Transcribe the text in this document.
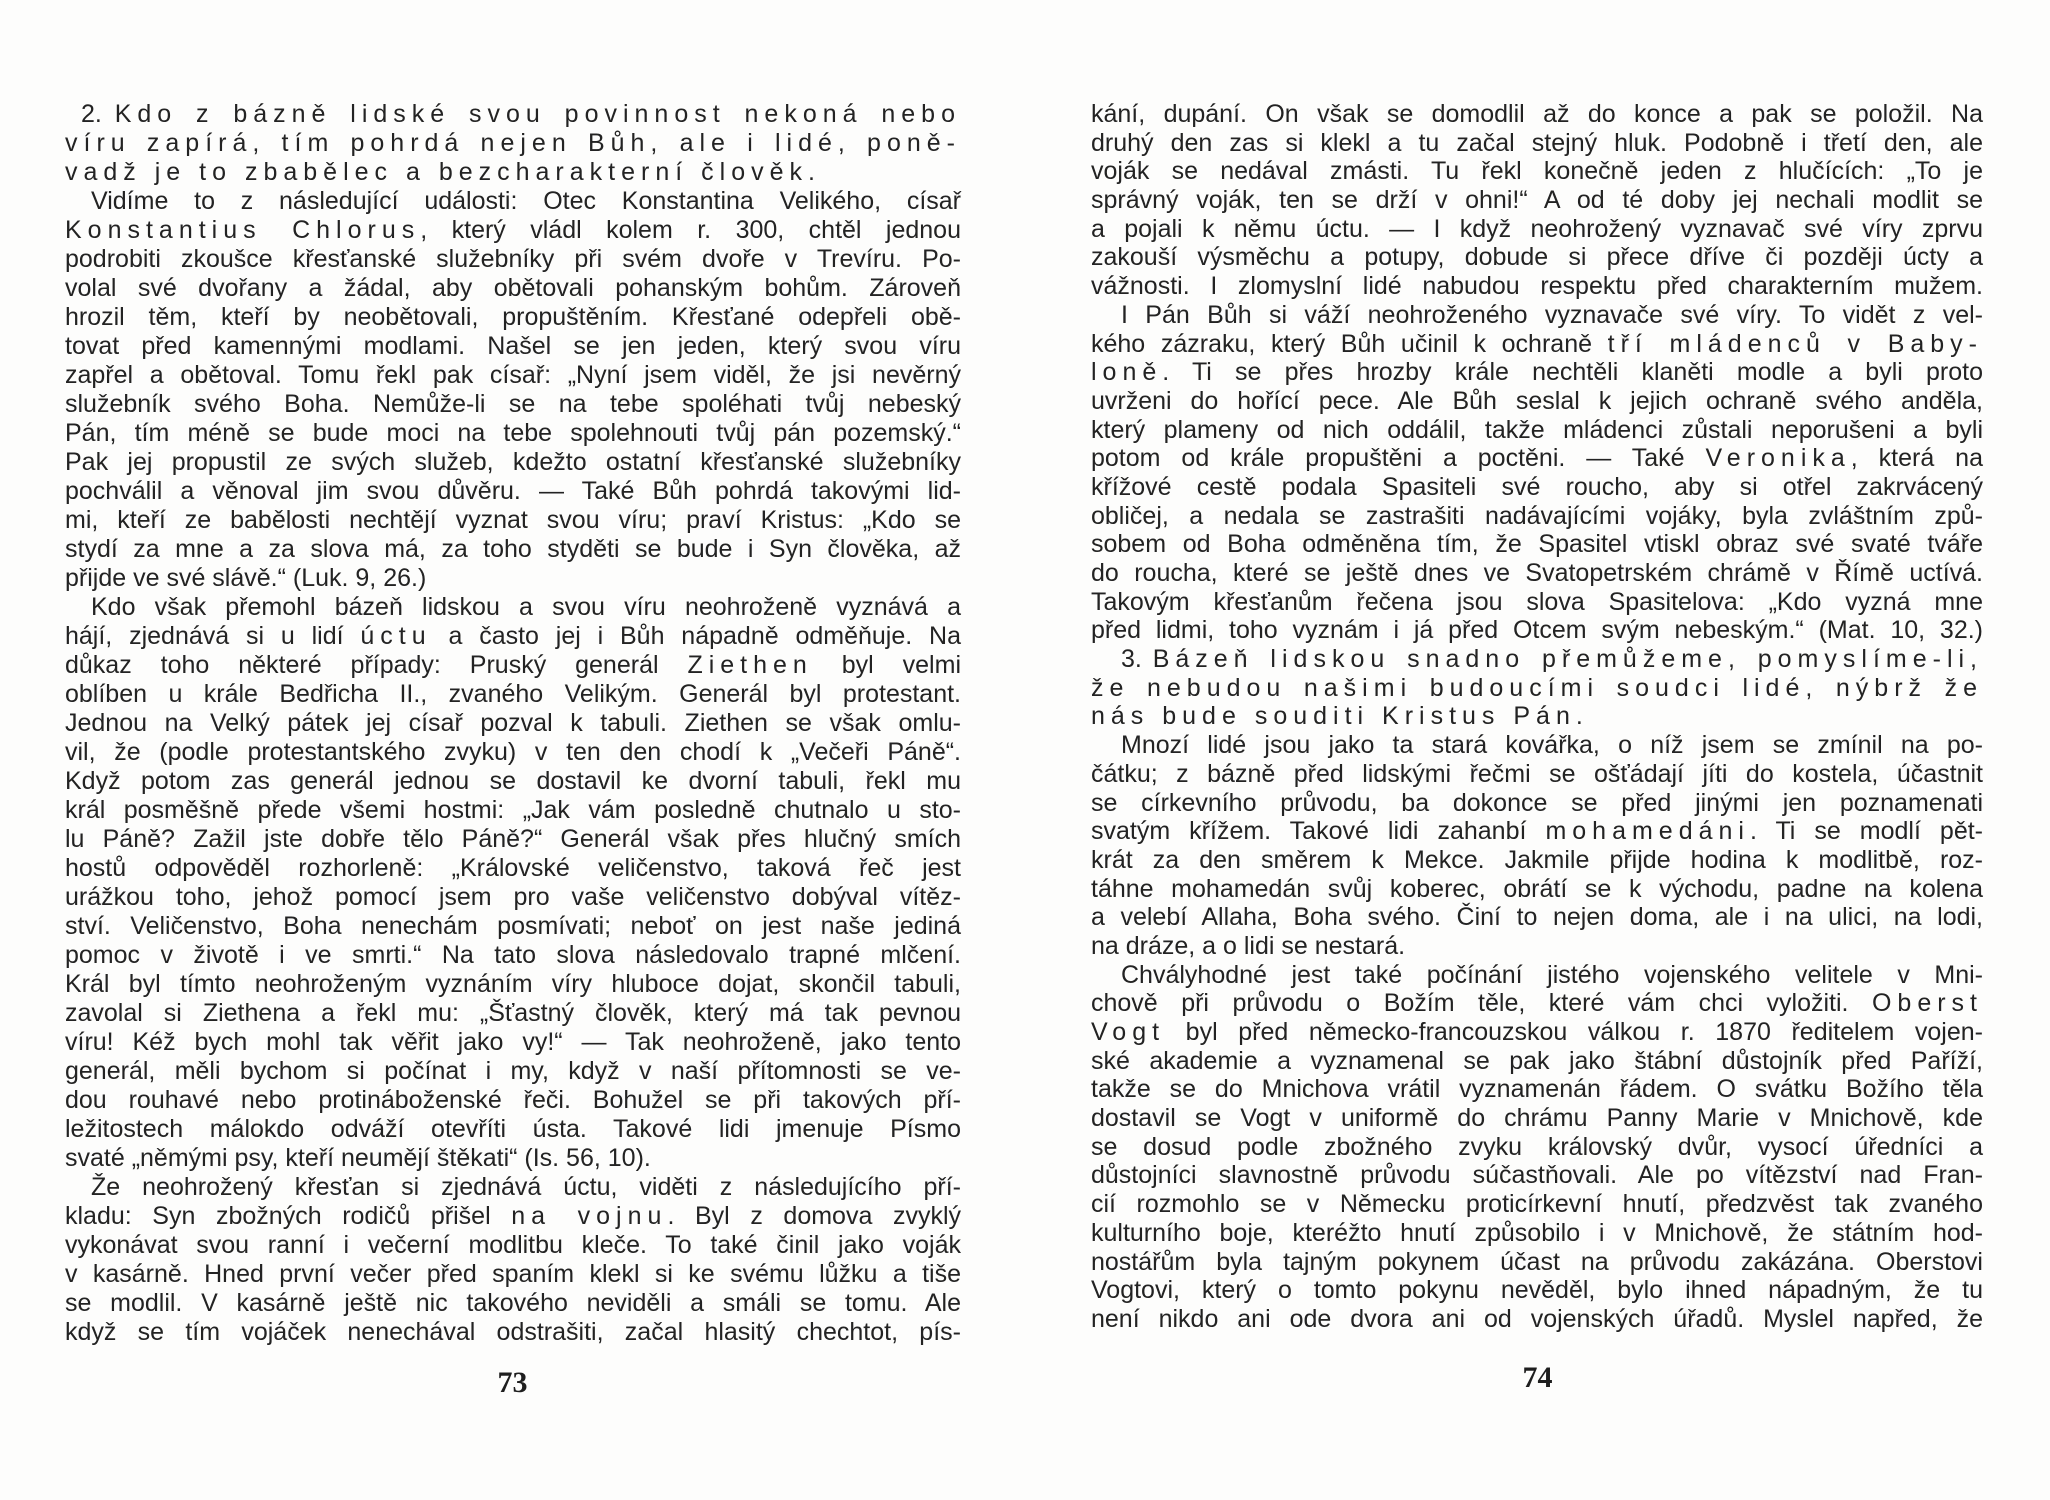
2. Kdo z bázně lidské svou povinnost nekoná nebo
víru zapírá, tím pohrdá nejen Bůh, ale i lidé, poně-
vadž je to zbabělec a bezcharakterní člověk.
Vidíme to z následující události: Otec Konstantina Velikého, císař
Konstantius Chlorus, který vládl kolem r. 300, chtěl jednou
podrobiti zkoušce křesťanské služebníky při svém dvoře v Trevíru. Po-
volal své dvořany a žádal, aby obětovali pohanským bohům. Zároveň
hrozil těm, kteří by neobětovali, propuštěním. Křesťané odepřeli obě-
tovat před kamennými modlami. Našel se jen jeden, který svou víru
zapřel a obětoval. Tomu řekl pak císař: „Nyní jsem viděl, že jsi nevěrný
služebník svého Boha. Nemůže-li se na tebe spoléhati tvůj nebeský
Pán, tím méně se bude moci na tebe spolehnouti tvůj pán pozemský.“
Pak jej propustil ze svých služeb, kdežto ostatní křesťanské služebníky
pochválil a věnoval jim svou důvěru. — Také Bůh pohrdá takovými lid-
mi, kteří ze babělosti nechtějí vyznat svou víru; praví Kristus: „Kdo se
stydí za mne a za slova má, za toho styděti se bude i Syn člověka, až
přijde ve své slávě.“ (Luk. 9, 26.)
Kdo však přemohl bázeň lidskou a svou víru neohroženě vyznává a
hájí, zjednává si u lidí úctu a často jej i Bůh nápadně odměňuje. Na
důkaz toho některé případy: Pruský generál Ziethen byl velmi
oblíben u krále Bedřicha II., zvaného Velikým. Generál byl protestant.
Jednou na Velký pátek jej císař pozval k tabuli. Ziethen se však omlu-
vil, že (podle protestantského zvyku) v ten den chodí k „Večeři Páně“.
Když potom zas generál jednou se dostavil ke dvorní tabuli, řekl mu
král posměšně přede všemi hostmi: „Jak vám posledně chutnalo u sto-
lu Páně? Zažil jste dobře tělo Páně?“ Generál však přes hlučný smích
hostů odpověděl rozhorleně: „Královské veličenstvo, taková řeč jest
urážkou toho, jehož pomocí jsem pro vaše veličenstvo dobýval vítěz-
ství. Veličenstvo, Boha nenechám posmívati; neboť on jest naše jediná
pomoc v životě i ve smrti.“ Na tato slova následovalo trapné mlčení.
Král byl tímto neohroženým vyznáním víry hluboce dojat, skončil tabuli,
zavolal si Ziethena a řekl mu: „Šťastný člověk, který má tak pevnou
víru! Kéž bych mohl tak věřit jako vy!“ — Tak neohroženě, jako tento
generál, měli bychom si počínat i my, když v naší přítomnosti se ve-
dou rouhavé nebo protináboženské řeči. Bohužel se při takových pří-
ležitostech málokdo odváží otevříti ústa. Takové lidi jmenuje Písmo
svaté „němými psy, kteří neumějí štěkati“ (Is. 56, 10).
Že neohrožený křesťan si zjednává úctu, viděti z následujícího pří-
kladu: Syn zbožných rodičů přišel na vojnu. Byl z domova zvyklý
vykonávat svou ranní i večerní modlitbu kleče. To také činil jako voják
v kasárně. Hned první večer před spaním klekl si ke svému lůžku a tiše
se modlil. V kasárně ještě nic takového neviděli a smáli se tomu. Ale
když se tím vojáček nenechával odstrašiti, začal hlasitý chechtot, pís-
73
kání, dupání. On však se domodlil až do konce a pak se položil. Na
druhý den zas si klekl a tu začal stejný hluk. Podobně i třetí den, ale
voják se nedával zmásti. Tu řekl konečně jeden z hlučících: „To je
správný voják, ten se drží v ohni!“ A od té doby jej nechali modlit se
a pojali k němu úctu. — I když neohrožený vyznavač své víry zprvu
zakouší výsměchu a potupy, dobude si přece dříve či později úcty a
vážnosti. I zlomyslní lidé nabudou respektu před charakterním mužem.
I Pán Bůh si váží neohroženého vyznavače své víry. To vidět z vel-
kého zázraku, který Bůh učinil k ochraně tří mládenců v Baby-
loně. Ti se přes hrozby krále nechtěli klaněti modle a byli proto
uvrženi do hořící pece. Ale Bůh seslal k jejich ochraně svého anděla,
který plameny od nich oddálil, takže mládenci zůstali neporušeni a byli
potom od krále propuštěni a poctěni. — Také Veronika, která na
křížové cestě podala Spasiteli své roucho, aby si otřel zakrvácený
obličej, a nedala se zastrašiti nadávajícími vojáky, byla zvláštním způ-
sobem od Boha odměněna tím, že Spasitel vtiskl obraz své svaté tváře
do roucha, které se ještě dnes ve Svatopetrském chrámě v Římě uctívá.
Takovým křesťanům řečena jsou slova Spasitelova: „Kdo vyzná mne
před lidmi, toho vyznám i já před Otcem svým nebeským.“ (Mat. 10, 32.)
3. Bázeň lidskou snadno přemůžeme, pomyslíme-li,
že nebudou našimi budoucími soudci lidé, nýbrž že
nás bude souditi Kristus Pán.
Mnozí lidé jsou jako ta stará kovářka, o níž jsem se zmínil na po-
čátku; z bázně před lidskými řečmi se ošťádají jíti do kostela, účastnit
se církevního průvodu, ba dokonce se před jinými jen poznamenati
svatým křížem. Takové lidi zahanbí mohamedáni. Ti se modlí pět-
krát za den směrem k Mekce. Jakmile přijde hodina k modlitbě, roz-
táhne mohamedán svůj koberec, obrátí se k východu, padne na kolena
a velebí Allaha, Boha svého. Činí to nejen doma, ale i na ulici, na lodi,
na dráze, a o lidi se nestará.
Chvályhodné jest také počínání jistého vojenského velitele v Mni-
chově při průvodu o Božím těle, které vám chci vyložiti. Oberst
Vogt byl před německo-francouzskou válkou r. 1870 ředitelem vojen-
ské akademie a vyznamenal se pak jako štábní důstojník před Paříží,
takže se do Mnichova vrátil vyznamenán řádem. O svátku Božího těla
dostavil se Vogt v uniformě do chrámu Panny Marie v Mnichově, kde
se dosud podle zbožného zvyku královský dvůr, vysocí úředníci a
důstojníci slavnostně průvodu súčastňovali. Ale po vítězství nad Fran-
cií rozmohlo se v Německu proticírkevní hnutí, předzvěst tak zvaného
kulturního boje, kteréžto hnutí způsobilo i v Mnichově, že státním hod-
nostářům byla tajným pokynem účast na průvodu zakázána. Oberstovi
Vogtovi, který o tomto pokynu nevěděl, bylo ihned nápadným, že tu
není nikdo ani ode dvora ani od vojenských úřadů. Myslel napřed, že
74
